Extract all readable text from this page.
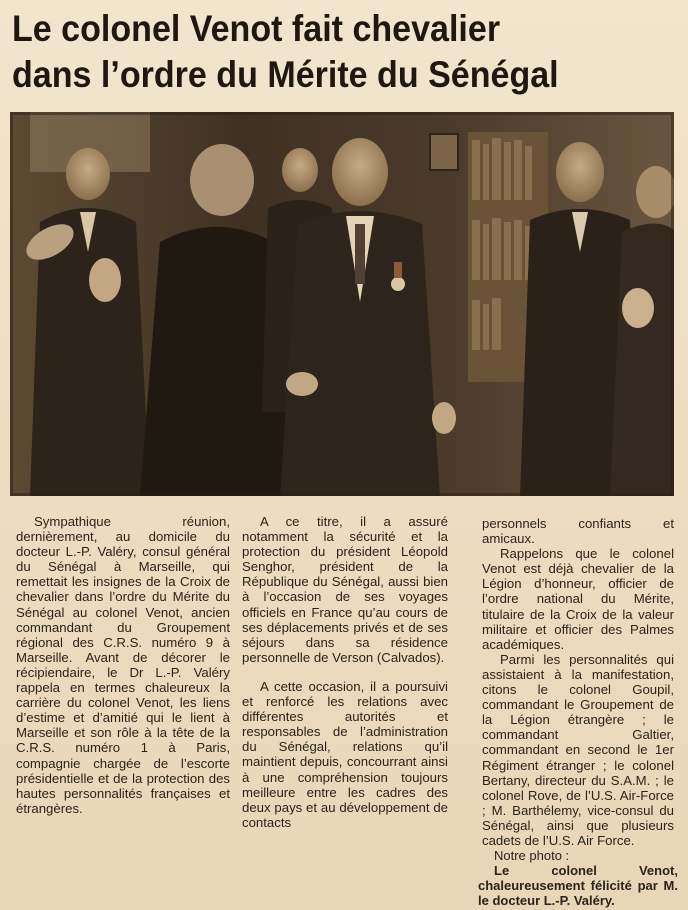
Le colonel Venot fait chevalier
dans l’ordre du Mérite du Sénégal

Sympathique réunion, dernièrement, au domicile du docteur L.-P. Valéry, consul général du Sénégal à Marseille, qui remettait les insignes de la Croix de chevalier dans l’ordre du Mérite du Sénégal au colonel Venot, ancien commandant du Groupement régional des C.R.S. numéro 9 à Marseille. Avant de décorer le récipiendaire, le Dr L.-P. Valéry rappela en termes chaleureux la carrière du colonel Venot, les liens d’estime et d’amitié qui le lient à Marseille et son rôle à la tête de la C.R.S. numéro 1 à Paris, compagnie chargée de l’escorte présidentielle et de la protection des hautes personnalités françaises et étrangères.

A ce titre, il a assuré notamment la sécurité et la protection du président Léopold Senghor, président de la République du Sénégal, aussi bien à l’occasion de ses voyages officiels en France qu’au cours de ses déplacements privés et de ses séjours dans sa résidence personnelle de Verson (Calvados).

A cette occasion, il a poursuivi et renforcé les relations avec différentes autorités et responsables de l’administration du Sénégal, relations qu’il maintient depuis, concourrant ainsi à une compréhension toujours meilleure entre les cadres des deux pays et au développement de contacts

personnels confiants et amicaux.

Rappelons que le colonel Venot est déjà chevalier de la Légion d’honneur, officier de l’ordre national du Mérite, titulaire de la Croix de la valeur militaire et officier des Palmes académiques.

Parmi les personnalités qui assistaient à la manifestation, citons le colonel Goupil, commandant le Groupement de la Légion étrangère ; le commandant Galtier, commandant en second le 1er Régiment étranger ; le colonel Bertany, directeur du S.A.M. ; le colonel Rove, de l’U.S. Air-Force ; M. Barthélemy, vice-consul du Sénégal, ainsi que plusieurs cadets de l’U.S. Air Force.

Notre photo :
Le colonel Venot, chaleureusement félicité par M. le docteur L.-P. Valéry.
